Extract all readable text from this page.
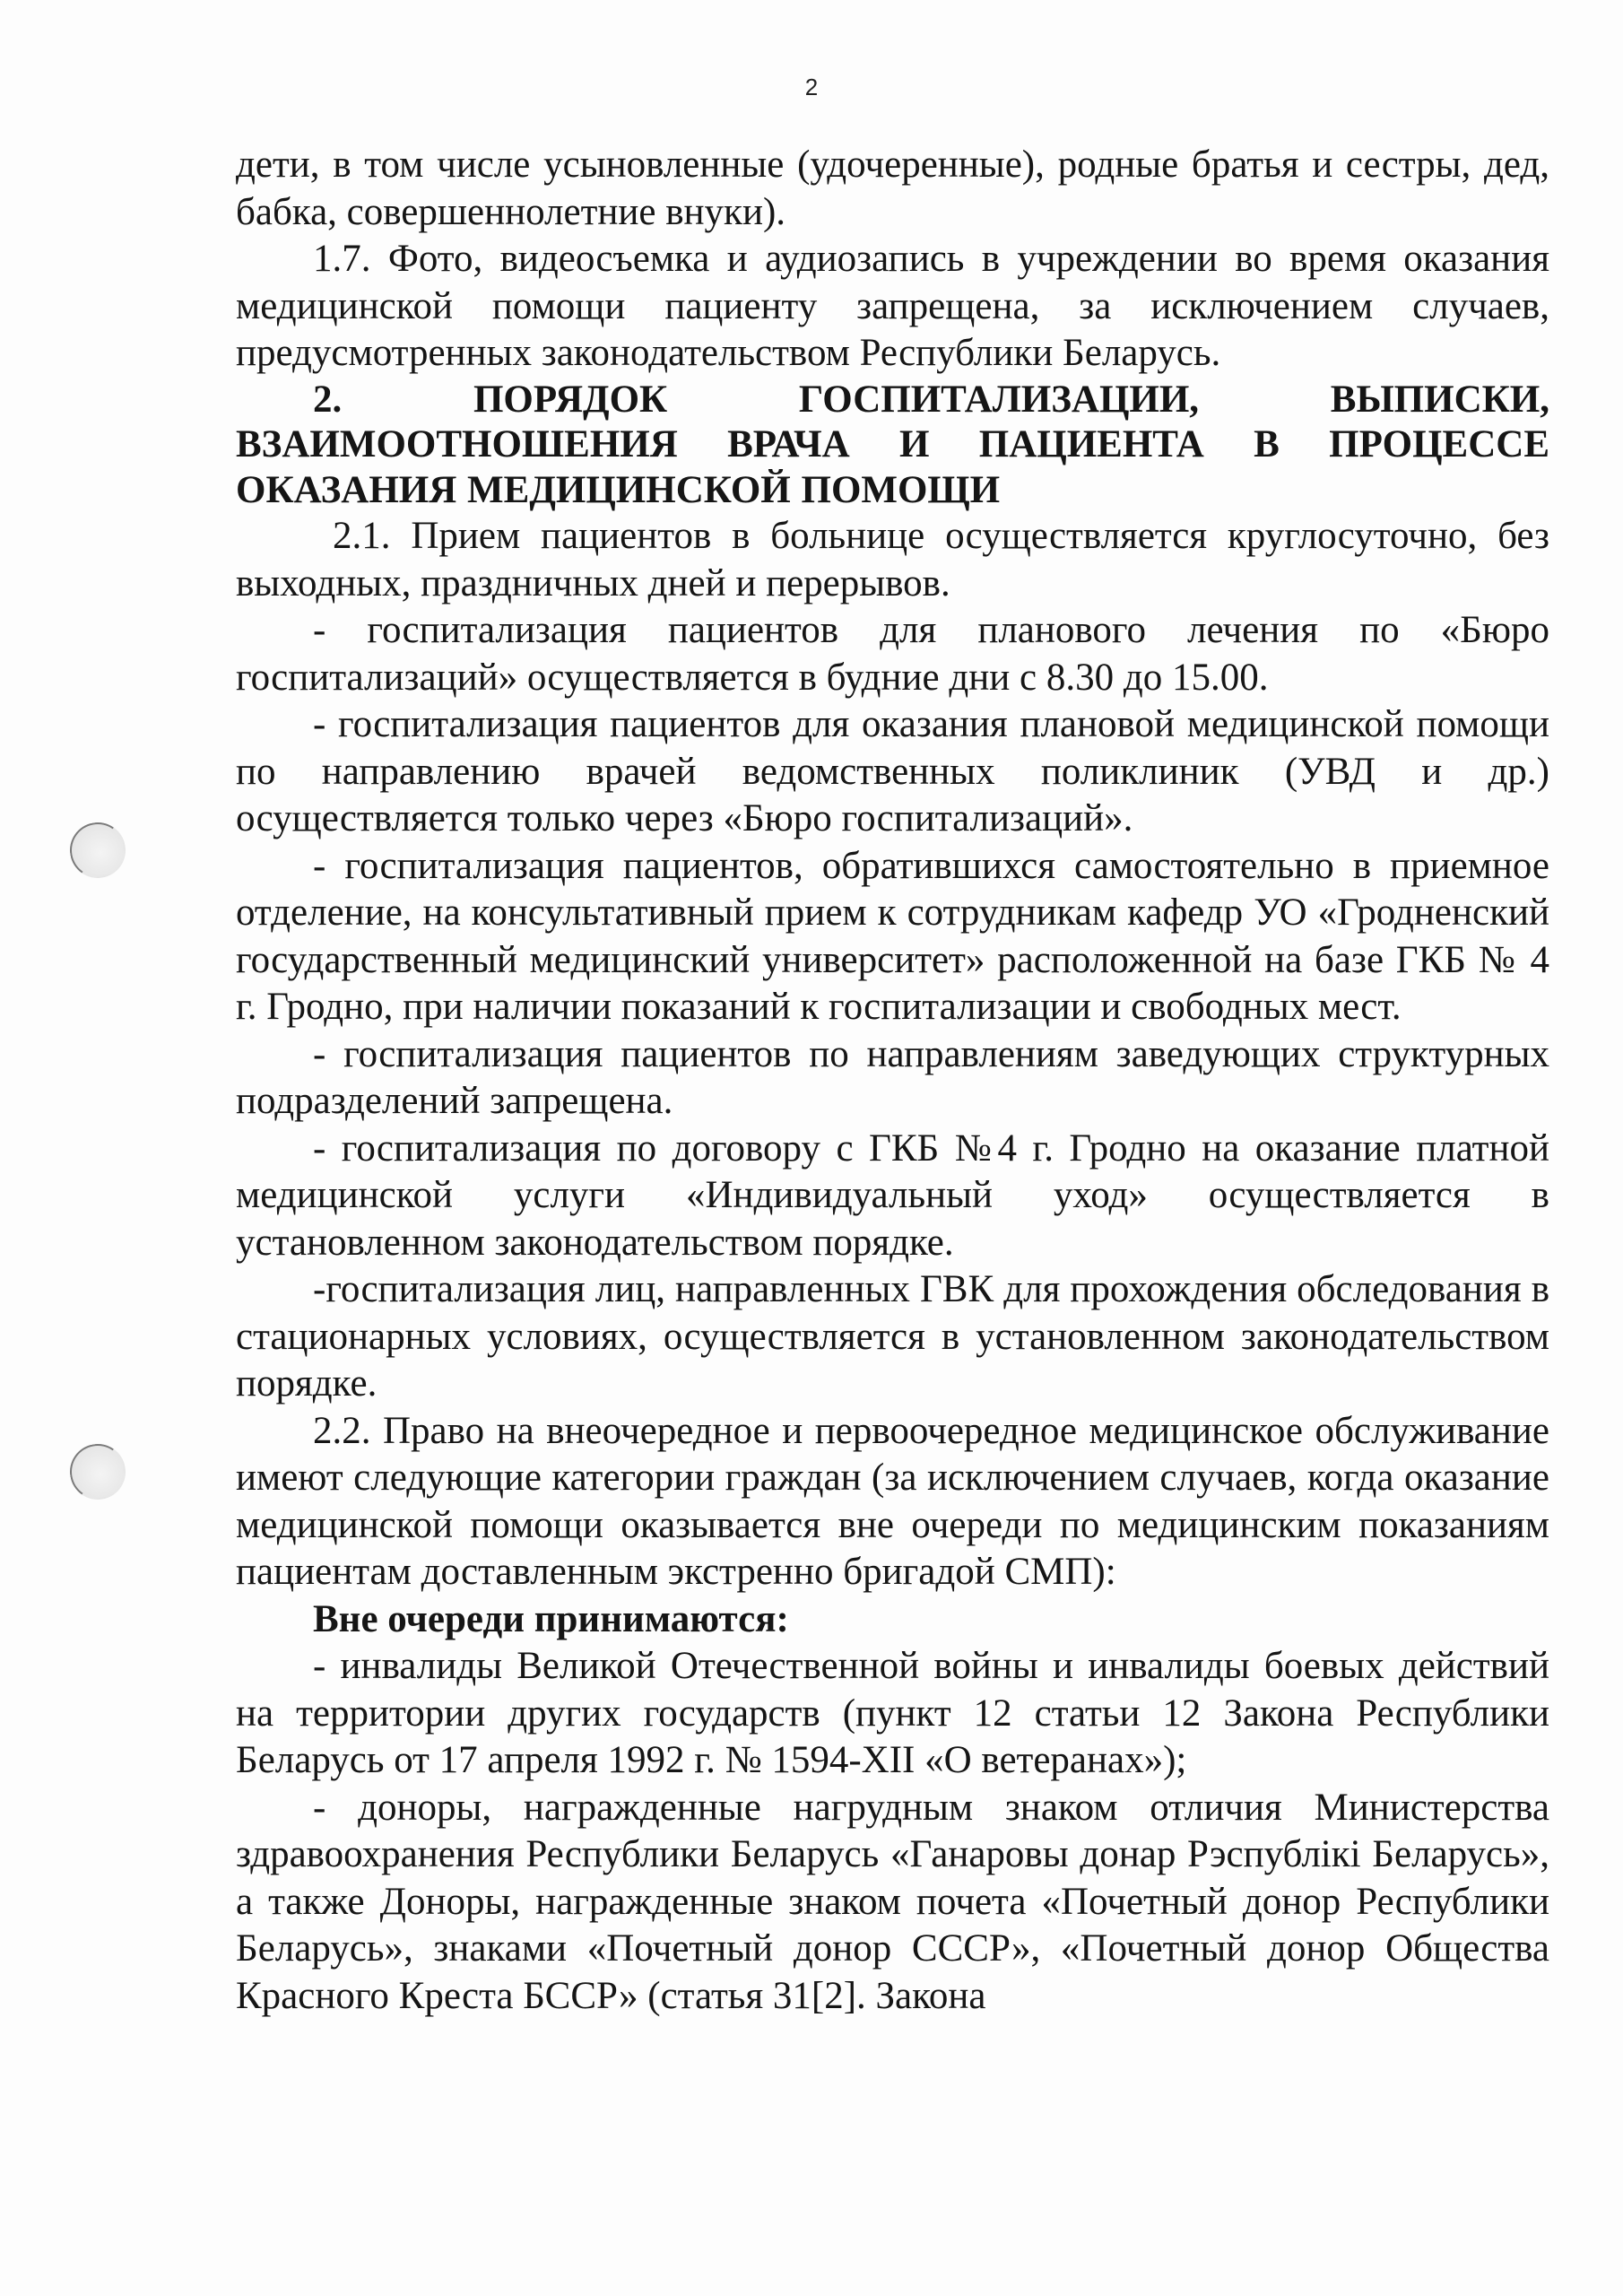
2

дети, в том числе усыновленные (удочеренные), родные братья и сестры, дед, бабка, совершеннолетние внуки).

1.7. Фото, видеосъемка и аудиозапись в учреждении во время оказания медицинской помощи пациенту запрещена, за исключением случаев, предусмотренных законодательством Республики Беларусь.

2. ПОРЯДОК ГОСПИТАЛИЗАЦИИ, ВЫПИСКИ, ВЗАИМООТНОШЕНИЯ ВРАЧА И ПАЦИЕНТА В ПРОЦЕССЕ ОКАЗАНИЯ МЕДИЦИНСКОЙ ПОМОЩИ

2.1. Прием пациентов в больнице осуществляется круглосуточно, без выходных, праздничных дней и перерывов.

- госпитализация пациентов для планового лечения по «Бюро госпитализаций» осуществляется в будние дни с 8.30 до 15.00.

- госпитализация пациентов для оказания плановой медицинской помощи по направлению врачей ведомственных поликлиник (УВД и др.) осуществляется только через «Бюро госпитализаций».

- госпитализация пациентов, обратившихся самостоятельно в приемное отделение, на консультативный прием к сотрудникам кафедр УО «Гродненский государственный медицинский университет» расположенной на базе ГКБ № 4 г. Гродно, при наличии показаний к госпитализации и свободных мест.

- госпитализация пациентов по направлениям заведующих структурных подразделений запрещена.

- госпитализация по договору с ГКБ №4 г. Гродно на оказание платной медицинской услуги «Индивидуальный уход» осуществляется в установленном законодательством порядке.

-госпитализация лиц, направленных ГВК для прохождения обследования в стационарных условиях, осуществляется в установленном законодательством порядке.

2.2. Право на внеочередное и первоочередное медицинское обслуживание имеют следующие категории граждан (за исключением случаев, когда оказание медицинской помощи оказывается вне очереди по медицинским показаниям пациентам доставленным экстренно бригадой СМП):

Вне очереди принимаются:

- инвалиды Великой Отечественной войны и инвалиды боевых действий на территории других государств (пункт 12 статьи 12 Закона Республики Беларусь от 17 апреля 1992 г. № 1594-XII «О ветеранах»);

- доноры, награжденные нагрудным знаком отличия Министерства здравоохранения Республики Беларусь «Ганаровы донар Рэспублікі Беларусь», а также Доноры, награжденные знаком почета «Почетный донор Республики Беларусь», знаками «Почетный донор СССР», «Почетный донор Общества Красного Креста БССР» (статья 31[2]. Закона
